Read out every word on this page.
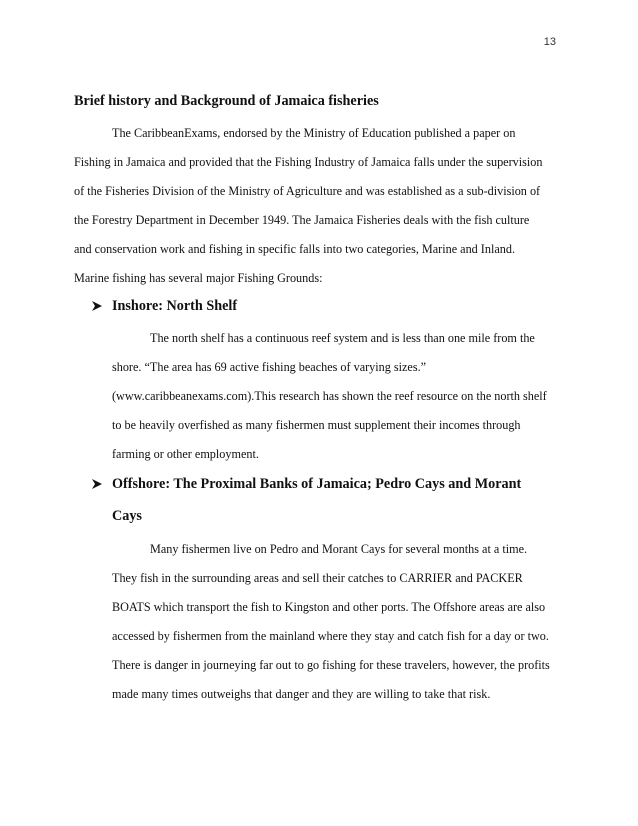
13
Brief history and Background of Jamaica fisheries
The CaribbeanExams, endorsed by the Ministry of Education published a paper on
Fishing in Jamaica and provided that the Fishing Industry of Jamaica falls under the supervision
of the Fisheries Division of the Ministry of Agriculture and was established as a sub-division of
the Forestry Department in December 1949. The Jamaica Fisheries deals with the fish culture
and conservation work and fishing in specific falls into two categories, Marine and Inland.
Marine fishing has several major Fishing Grounds:
Inshore: North Shelf
The north shelf has a continuous reef system and is less than one mile from the
shore. “The area has 69 active fishing beaches of varying sizes.”
(www.caribbeanexams.com).This research has shown the reef resource on the north shelf
to be heavily overfished as many fishermen must supplement their incomes through
farming or other employment.
Offshore: The Proximal Banks of Jamaica; Pedro Cays and Morant
Cays
Many fishermen live on Pedro and Morant Cays for several months at a time.
They fish in the surrounding areas and sell their catches to CARRIER and PACKER
BOATS which transport the fish to Kingston and other ports. The Offshore areas are also
accessed by fishermen from the mainland where they stay and catch fish for a day or two.
There is danger in journeying far out to go fishing for these travelers, however, the profits
made many times outweighs that danger and they are willing to take that risk.
